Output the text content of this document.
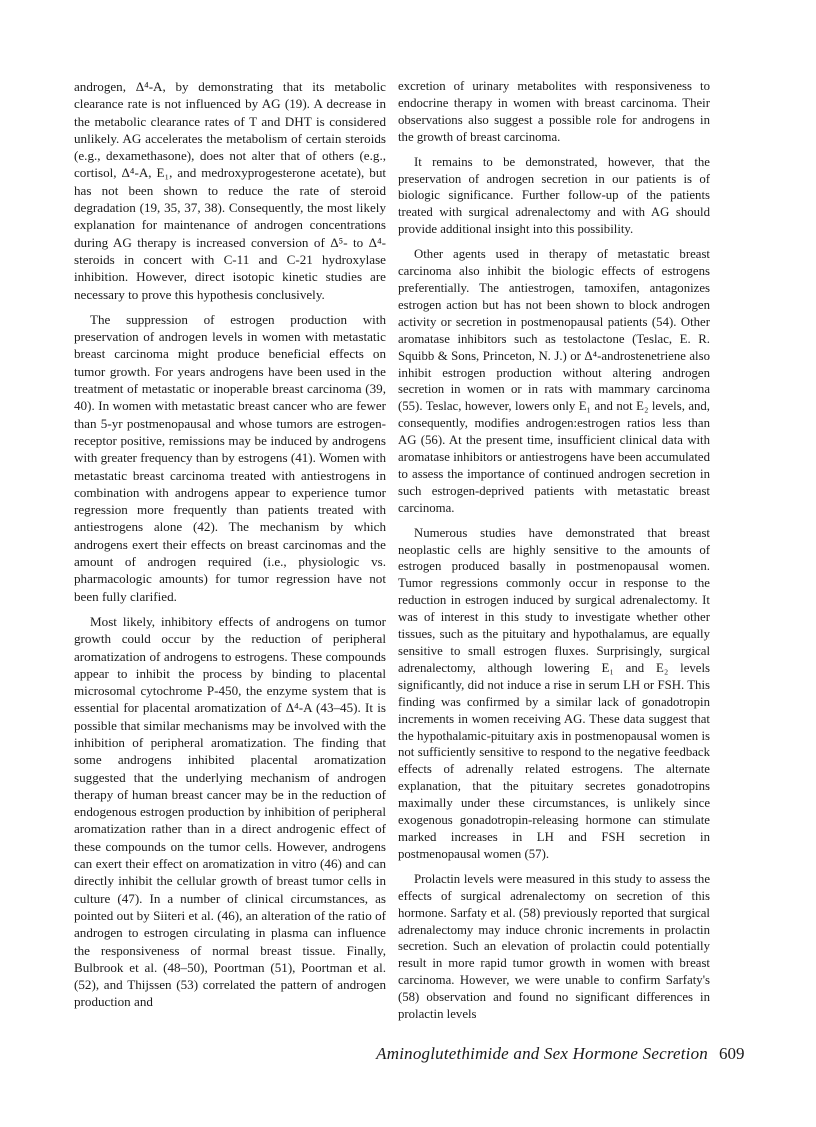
androgen, Δ⁴-A, by demonstrating that its metabolic clearance rate is not influenced by AG (19). A decrease in the metabolic clearance rates of T and DHT is considered unlikely. AG accelerates the metabolism of certain steroids (e.g., dexamethasone), does not alter that of others (e.g., cortisol, Δ⁴-A, E₁, and medroxyprogesterone acetate), but has not been shown to reduce the rate of steroid degradation (19, 35, 37, 38). Consequently, the most likely explanation for maintenance of androgen concentrations during AG therapy is increased conversion of Δ⁵- to Δ⁴-steroids in concert with C-11 and C-21 hydroxylase inhibition. However, direct isotopic kinetic studies are necessary to prove this hypothesis conclusively.

The suppression of estrogen production with preservation of androgen levels in women with metastatic breast carcinoma might produce beneficial effects on tumor growth. For years androgens have been used in the treatment of metastatic or inoperable breast carcinoma (39, 40). In women with metastatic breast cancer who are fewer than 5-yr postmenopausal and whose tumors are estrogen-receptor positive, remissions may be induced by androgens with greater frequency than by estrogens (41). Women with metastatic breast carcinoma treated with antiestrogens in combination with androgens appear to experience tumor regression more frequently than patients treated with antiestrogens alone (42). The mechanism by which androgens exert their effects on breast carcinomas and the amount of androgen required (i.e., physiologic vs. pharmacologic amounts) for tumor regression have not been fully clarified.

Most likely, inhibitory effects of androgens on tumor growth could occur by the reduction of peripheral aromatization of androgens to estrogens. These compounds appear to inhibit the process by binding to placental microsomal cytochrome P-450, the enzyme system that is essential for placental aromatization of Δ⁴-A (43–45). It is possible that similar mechanisms may be involved with the inhibition of peripheral aromatization. The finding that some androgens inhibited placental aromatization suggested that the underlying mechanism of androgen therapy of human breast cancer may be in the reduction of endogenous estrogen production by inhibition of peripheral aromatization rather than in a direct androgenic effect of these compounds on the tumor cells. However, androgens can exert their effect on aromatization in vitro (46) and can directly inhibit the cellular growth of breast tumor cells in culture (47). In a number of clinical circumstances, as pointed out by Siiteri et al. (46), an alteration of the ratio of androgen to estrogen circulating in plasma can influence the responsiveness of normal breast tissue. Finally, Bulbrook et al. (48–50), Poortman (51), Poortman et al. (52), and Thijssen (53) correlated the pattern of androgen production and

excretion of urinary metabolites with responsiveness to endocrine therapy in women with breast carcinoma. Their observations also suggest a possible role for androgens in the growth of breast carcinoma.

It remains to be demonstrated, however, that the preservation of androgen secretion in our patients is of biologic significance. Further follow-up of the patients treated with surgical adrenalectomy and with AG should provide additional insight into this possibility.

Other agents used in therapy of metastatic breast carcinoma also inhibit the biologic effects of estrogens preferentially. The antiestrogen, tamoxifen, antagonizes estrogen action but has not been shown to block androgen activity or secretion in postmenopausal patients (54). Other aromatase inhibitors such as testolactone (Teslac, E. R. Squibb & Sons, Princeton, N. J.) or Δ⁴-androstenetriene also inhibit estrogen production without altering androgen secretion in women or in rats with mammary carcinoma (55). Teslac, however, lowers only E₁ and not E₂ levels, and, consequently, modifies androgen:estrogen ratios less than AG (56). At the present time, insufficient clinical data with aromatase inhibitors or antiestrogens have been accumulated to assess the importance of continued androgen secretion in such estrogen-deprived patients with metastatic breast carcinoma.

Numerous studies have demonstrated that breast neoplastic cells are highly sensitive to the amounts of estrogen produced basally in postmenopausal women. Tumor regressions commonly occur in response to the reduction in estrogen induced by surgical adrenalectomy. It was of interest in this study to investigate whether other tissues, such as the pituitary and hypothalamus, are equally sensitive to small estrogen fluxes. Surprisingly, surgical adrenalectomy, although lowering E₁ and E₂ levels significantly, did not induce a rise in serum LH or FSH. This finding was confirmed by a similar lack of gonadotropin increments in women receiving AG. These data suggest that the hypothalamic-pituitary axis in postmenopausal women is not sufficiently sensitive to respond to the negative feedback effects of adrenally related estrogens. The alternate explanation, that the pituitary secretes gonadotropins maximally under these circumstances, is unlikely since exogenous gonadotropin-releasing hormone can stimulate marked increases in LH and FSH secretion in postmenopausal women (57).

Prolactin levels were measured in this study to assess the effects of surgical adrenalectomy on secretion of this hormone. Sarfaty et al. (58) previously reported that surgical adrenalectomy may induce chronic increments in prolactin secretion. Such an elevation of prolactin could potentially result in more rapid tumor growth in women with breast carcinoma. However, we were unable to confirm Sarfaty's (58) observation and found no significant differences in prolactin levels

Aminoglutethimide and Sex Hormone Secretion 609
